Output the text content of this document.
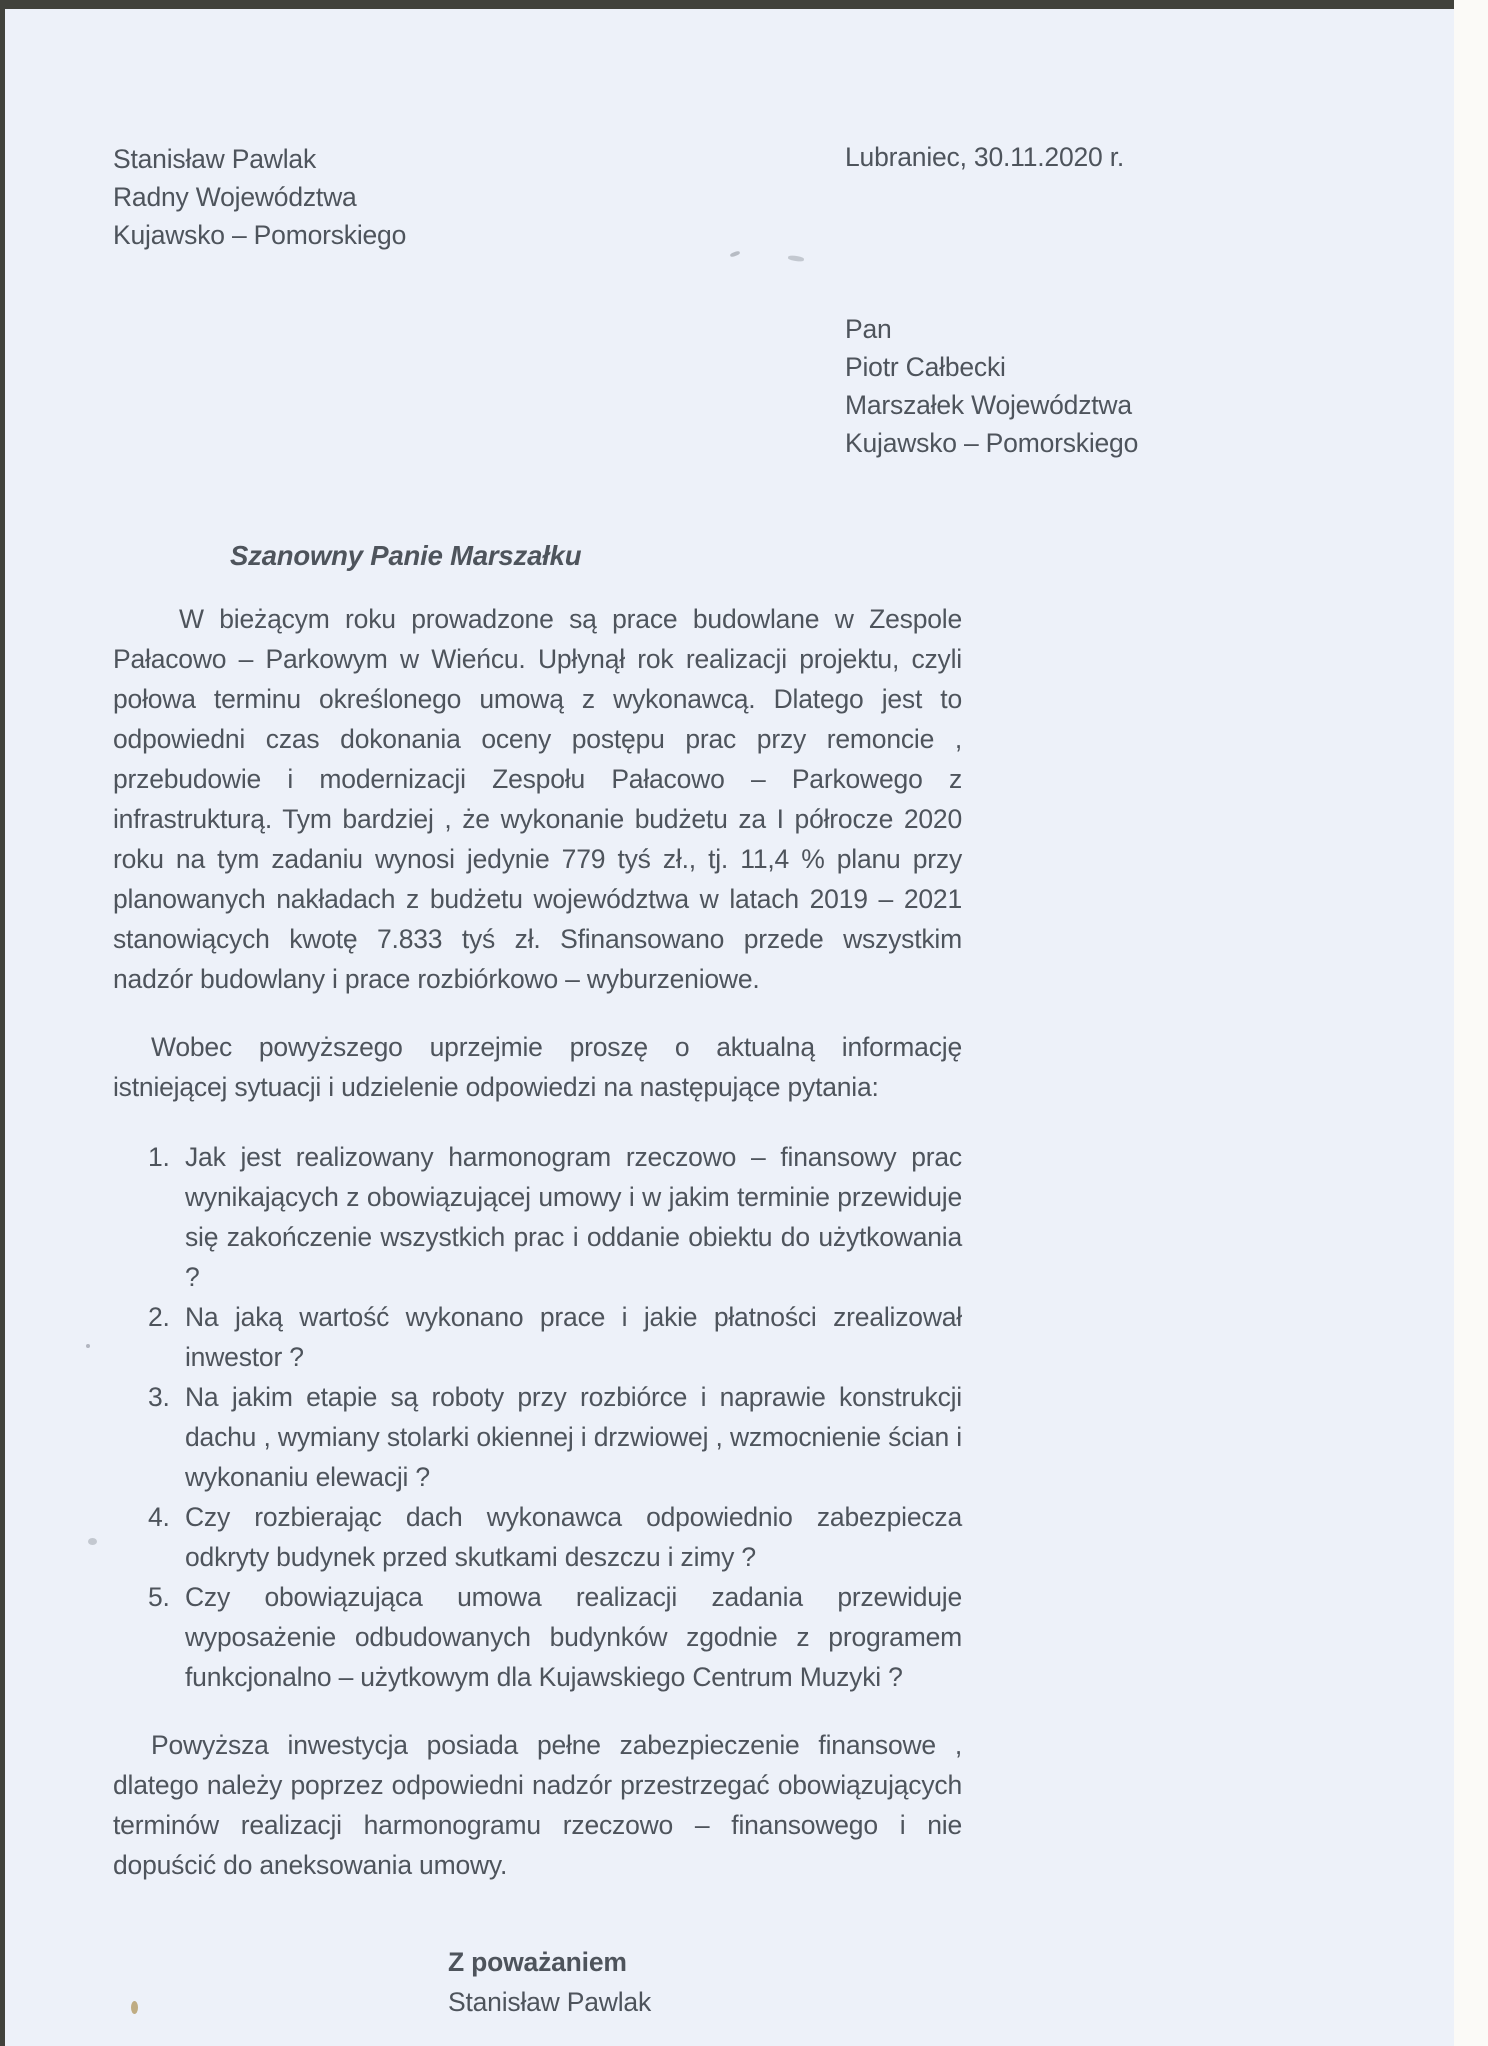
Stanisław Pawlak
Radny Województwa
Kujawsko – Pomorskiego
Lubraniec, 30.11.2020 r.
Pan
Piotr Całbecki
Marszałek Województwa
Kujawsko – Pomorskiego
Szanowny Panie Marszałku

W bieżącym roku prowadzone są prace budowlane w Zespole Pałacowo – Parkowym w Wieńcu. Upłynął rok realizacji projektu, czyli połowa terminu określonego umową z wykonawcą. Dlatego jest to odpowiedni czas dokonania oceny postępu prac przy remoncie , przebudowie i modernizacji Zespołu Pałacowo – Parkowego z infrastrukturą. Tym bardziej , że wykonanie budżetu za I półrocze 2020 roku na tym zadaniu wynosi jedynie 779 tyś zł., tj. 11,4 % planu przy planowanych nakładach z budżetu województwa w latach 2019 – 2021 stanowiących kwotę 7.833 tyś zł. Sfinansowano przede wszystkim nadzór budowlany i prace rozbiórkowo – wyburzeniowe.

Wobec powyższego uprzejmie proszę o aktualną informację istniejącej sytuacji i udzielenie odpowiedzi na następujące pytania:

1. Jak jest realizowany harmonogram rzeczowo – finansowy prac wynikających z obowiązującej umowy i w jakim terminie przewiduje się zakończenie wszystkich prac i oddanie obiektu do użytkowania ?
2. Na jaką wartość wykonano prace i jakie płatności zrealizował inwestor ?
3. Na jakim etapie są roboty przy rozbiórce i naprawie konstrukcji dachu , wymiany stolarki okiennej i drzwiowej , wzmocnienie ścian i wykonaniu elewacji ?
4. Czy rozbierając dach wykonawca odpowiednio zabezpiecza odkryty budynek przed skutkami deszczu i zimy ?
5. Czy obowiązująca umowa realizacji zadania przewiduje wyposażenie odbudowanych budynków zgodnie z programem funkcjonalno – użytkowym dla Kujawskiego Centrum Muzyki ?

Powyższa inwestycja posiada pełne zabezpieczenie finansowe , dlatego należy poprzez odpowiedni nadzór przestrzegać obowiązujących terminów realizacji harmonogramu rzeczowo – finansowego i nie dopuścić do aneksowania umowy.

Z poważaniem
Stanisław Pawlak
